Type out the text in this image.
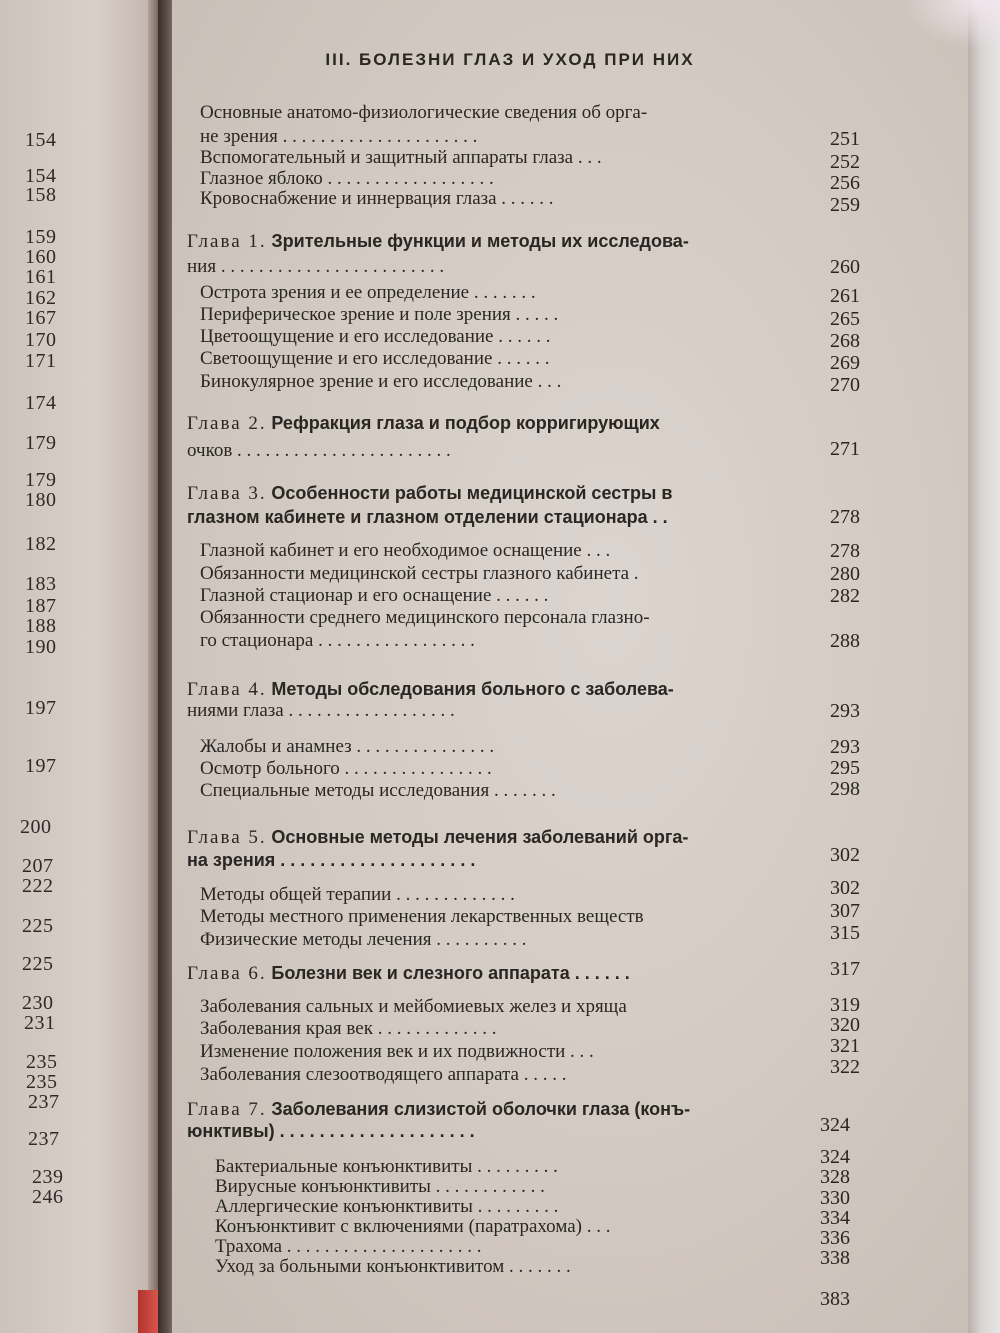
154
154
158
159
160
161
162
167
170
171
174
179
179
180
182
183
187
188
190
197
197
200
207
222
225
225
230
231
235
235
237
237
239
246
III. БОЛЕЗНИ ГЛАЗ И УХОД ПРИ НИХ
Основные анатомо-физиологические сведения об орга-
не зрения . . . . . . . . . . . . . . . . . . . . .	251
Вспомогательный и защитный аппараты глаза . . .	252
Глазное яблоко . . . . . . . . . . . . . . . . . .	256
Кровоснабжение и иннервация глаза . . . . . .	259
Глава 1. Зрительные функции и методы их исследова-
ния . . . . . . . . . . . . . . . . . . . . . . . .	260
Острота зрения и ее определение . . . . . . .	261
Периферическое зрение и поле зрения . . . . .	265
Цветоощущение и его исследование . . . . . .	268
Светоощущение и его исследование . . . . . .	269
Бинокулярное зрение и его исследование . . .	270
Глава 2. Рефракция глаза и подбор корригирующих
очков . . . . . . . . . . . . . . . . . . . . . . .	271
Глава 3. Особенности работы медицинской сестры в
глазном кабинете и глазном отделении стационара . .	278
Глазной кабинет и его необходимое оснащение . . .	278
Обязанности медицинской сестры глазного кабинета .	280
Глазной стационар и его оснащение . . . . . .	282
Обязанности среднего медицинского персонала глазно-
го стационара . . . . . . . . . . . . . . . . .	288
Глава 4. Методы обследования больного с заболева-
ниями глаза . . . . . . . . . . . . . . . . . .	293
Жалобы и анамнез . . . . . . . . . . . . . . .	293
Осмотр больного . . . . . . . . . . . . . . . .	295
Специальные методы исследования . . . . . . .	298
Глава 5. Основные методы лечения заболеваний орга-
на зрения . . . . . . . . . . . . . . . . . . . .	302
Методы общей терапии . . . . . . . . . . . . .	302
Методы местного применения лекарственных веществ	307
Физические методы лечения . . . . . . . . . .	315
Глава 6. Болезни век и слезного аппарата . . . . . .	317
Заболевания сальных и мейбомиевых желез и хряща	319
Заболевания края век . . . . . . . . . . . . .	320
Изменение положения век и их подвижности . . .	321
Заболевания слезоотводящего аппарата . . . . .	322
Глава 7. Заболевания слизистой оболочки глаза (конъ-
юнктивы) . . . . . . . . . . . . . . . . . . . .	324
Бактериальные конъюнктивиты . . . . . . . . .	324
Вирусные конъюнктивиты . . . . . . . . . . . .	328
Аллергические конъюнктивиты . . . . . . . . .	330
Конъюнктивит с включениями (паратрахома) . . .	334
Трахома . . . . . . . . . . . . . . . . . . . . .	336
Уход за больными конъюнктивитом . . . . . . .	338
383
